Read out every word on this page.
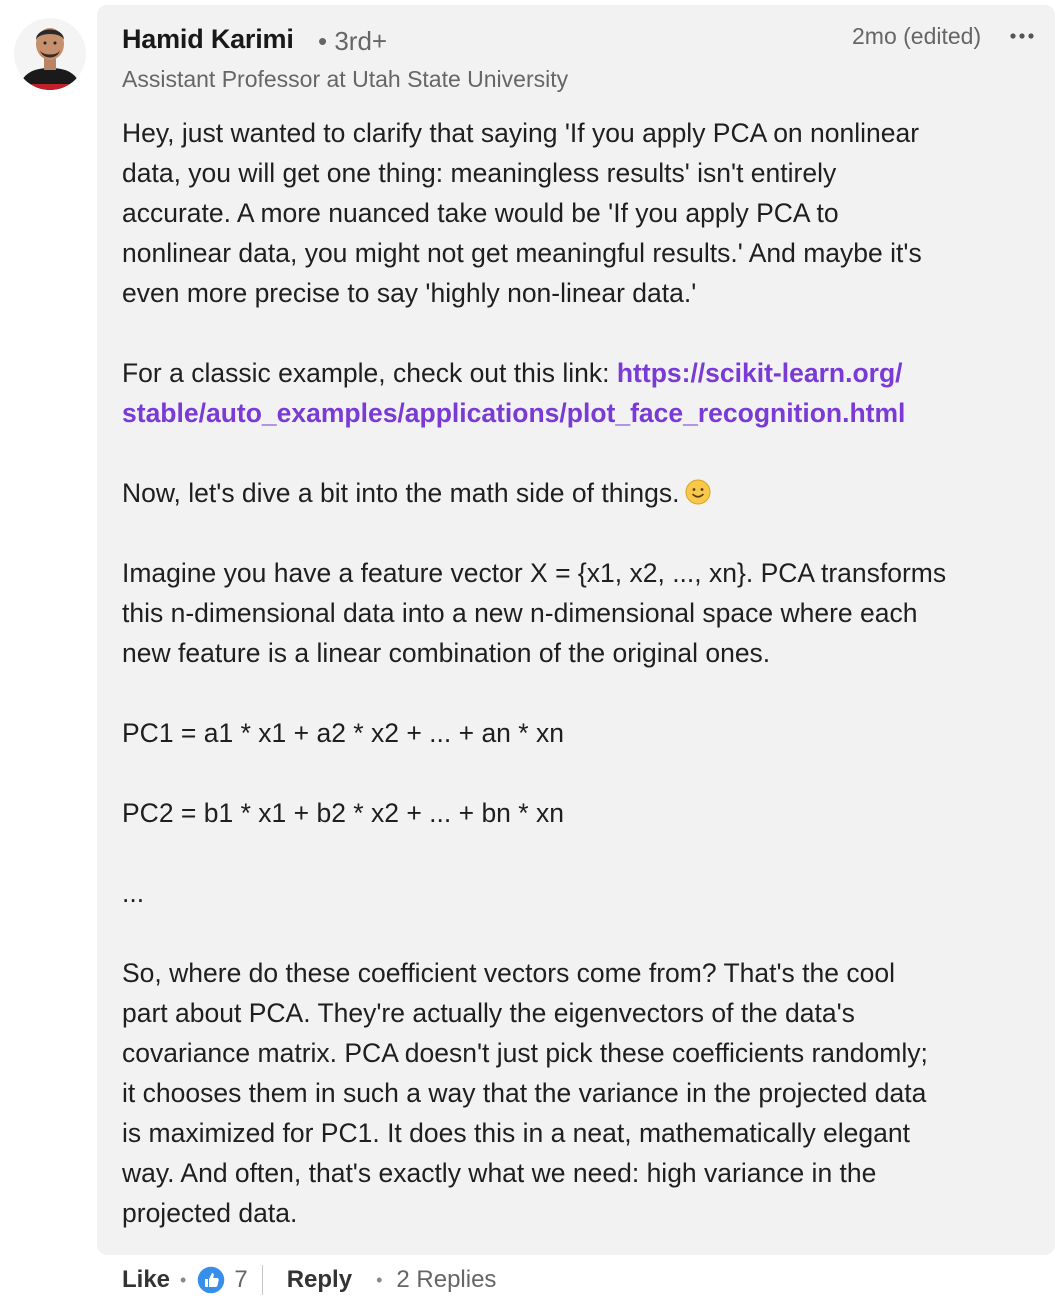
Hamid Karimi • 3rd+
Assistant Professor at Utah State University
2mo (edited)

Hey, just wanted to clarify that saying 'If you apply PCA on nonlinear
data, you will get one thing: meaningless results' isn't entirely
accurate. A more nuanced take would be 'If you apply PCA to
nonlinear data, you might not get meaningful results.' And maybe it's
even more precise to say 'highly non-linear data.'

For a classic example, check out this link: https://scikit-learn.org/
stable/auto_examples/applications/plot_face_recognition.html

Now, let's dive a bit into the math side of things.

Imagine you have a feature vector X = {x1, x2, ..., xn}. PCA transforms
this n-dimensional data into a new n-dimensional space where each
new feature is a linear combination of the original ones.

PC1 = a1 * x1 + a2 * x2 + ... + an * xn

PC2 = b1 * x1 + b2 * x2 + ... + bn * xn

...

So, where do these coefficient vectors come from? That's the cool
part about PCA. They're actually the eigenvectors of the data's
covariance matrix. PCA doesn't just pick these coefficients randomly;
it chooses them in such a way that the variance in the projected data
is maximized for PC1. It does this in a neat, mathematically elegant
way. And often, that's exactly what we need: high variance in the
projected data.

Like • 7 Reply • 2 Replies
